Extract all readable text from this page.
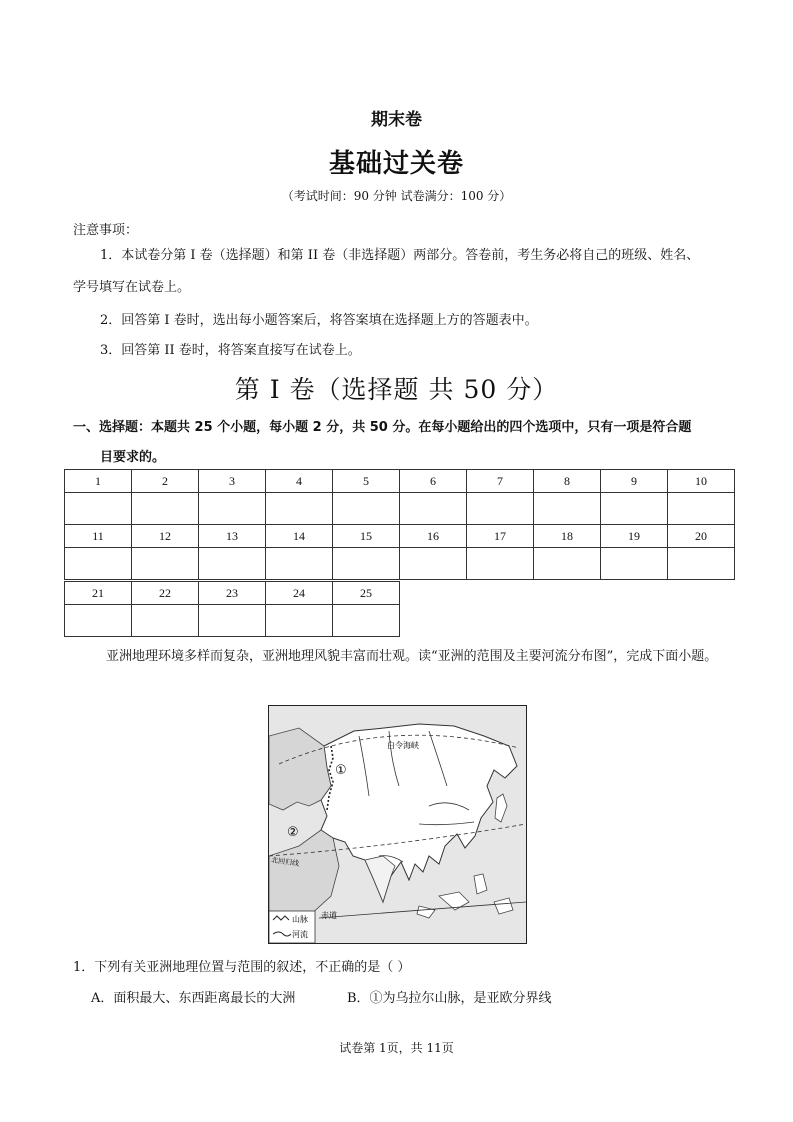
期末卷
基础过关卷
（考试时间：90 分钟 试卷满分：100 分）
注意事项：
1．本试卷分第 I 卷（选择题）和第 II 卷（非选择题）两部分。答卷前，考生务必将自己的班级、姓名、
学号填写在试卷上。
2．回答第 I 卷时，选出每小题答案后，将答案填在选择题上方的答题表中。
3．回答第 II 卷时，将答案直接写在试卷上。
第 I 卷（选择题 共 50 分）
一、选择题：本题共 25 个小题，每小题 2 分，共 50 分。在每小题给出的四个选项中，只有一项是符合题
目要求的。
1	2	3	4	5	6	7	8	9	10

11	12	13	14	15	16	17	18	19	20

21	22	23	24	25

亚洲地理环境多样而复杂，亚洲地理风貌丰富而壮观。读“亚洲的范围及主要河流分布图”，完成下面小题。
①
②
白令海峡
北回归线
赤道
山脉
河流
1．下列有关亚洲地理位置与范围的叙述，不正确的是（ ）
A．面积最大、东西距离最长的大洲	B．①为乌拉尔山脉，是亚欧分界线
试卷第 1页，共 11页
